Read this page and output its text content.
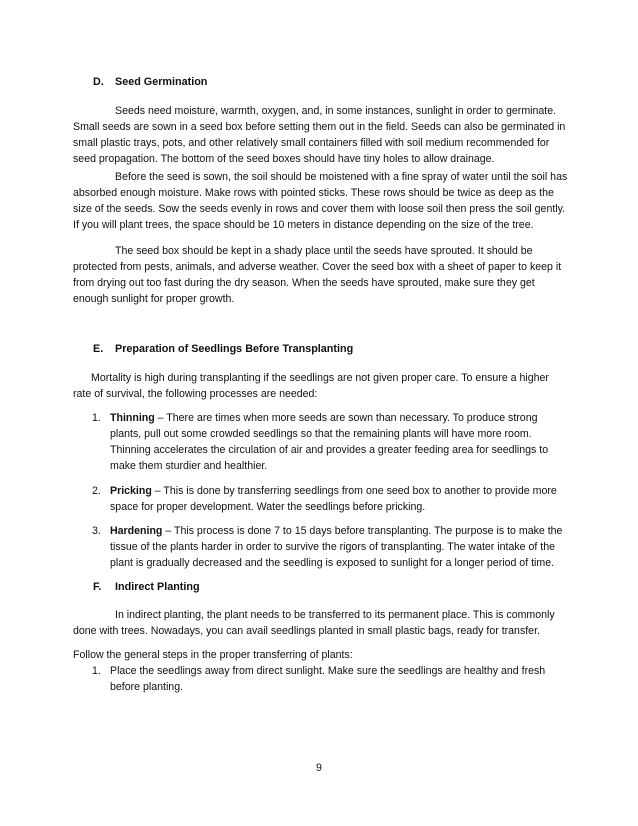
D. Seed Germination

Seeds need moisture, warmth, oxygen, and, in some instances, sunlight in order to germinate. Small seeds are sown in a seed box before setting them out in the field. Seeds can also be germinated in small plastic trays, pots, and other relatively small containers filled with soil medium recommended for seed propagation. The bottom of the seed boxes should have tiny holes to allow drainage.

Before the seed is sown, the soil should be moistened with a fine spray of water until the soil has absorbed enough moisture. Make rows with pointed sticks. These rows should be twice as deep as the size of the seeds. Sow the seeds evenly in rows and cover them with loose soil then press the soil gently. If you will plant trees, the space should be 10 meters in distance depending on the size of the tree.

The seed box should be kept in a shady place until the seeds have sprouted. It should be protected from pests, animals, and adverse weather. Cover the seed box with a sheet of paper to keep it from drying out too fast during the dry season. When the seeds have sprouted, make sure they get enough sunlight for proper growth.

E.	Preparation of Seedlings Before Transplanting

Mortality is high during transplanting if the seedlings are not given proper care. To ensure a higher rate of survival, the following processes are needed:

1. Thinning – There are times when more seeds are sown than necessary. To produce strong plants, pull out some crowded seedlings so that the remaining plants will have more room. Thinning accelerates the circulation of air and provides a greater feeding area for seedlings to make them sturdier and healthier.
2. Pricking – This is done by transferring seedlings from one seed box to another to provide more space for proper development. Water the seedlings before pricking.
3. Hardening – This process is done 7 to 15 days before transplanting. The purpose is to make the tissue of the plants harder in order to survive the rigors of transplanting. The water intake of the plant is gradually decreased and the seedling is exposed to sunlight for a longer period of time.
F.	Indirect Planting

In indirect planting, the plant needs to be transferred to its permanent place. This is commonly done with trees. Nowadays, you can avail seedlings planted in small plastic bags, ready for transfer.

Follow the general steps in the proper transferring of plants:

1. Place the seedlings away from direct sunlight. Make sure the seedlings are healthy and fresh before planting.
9
